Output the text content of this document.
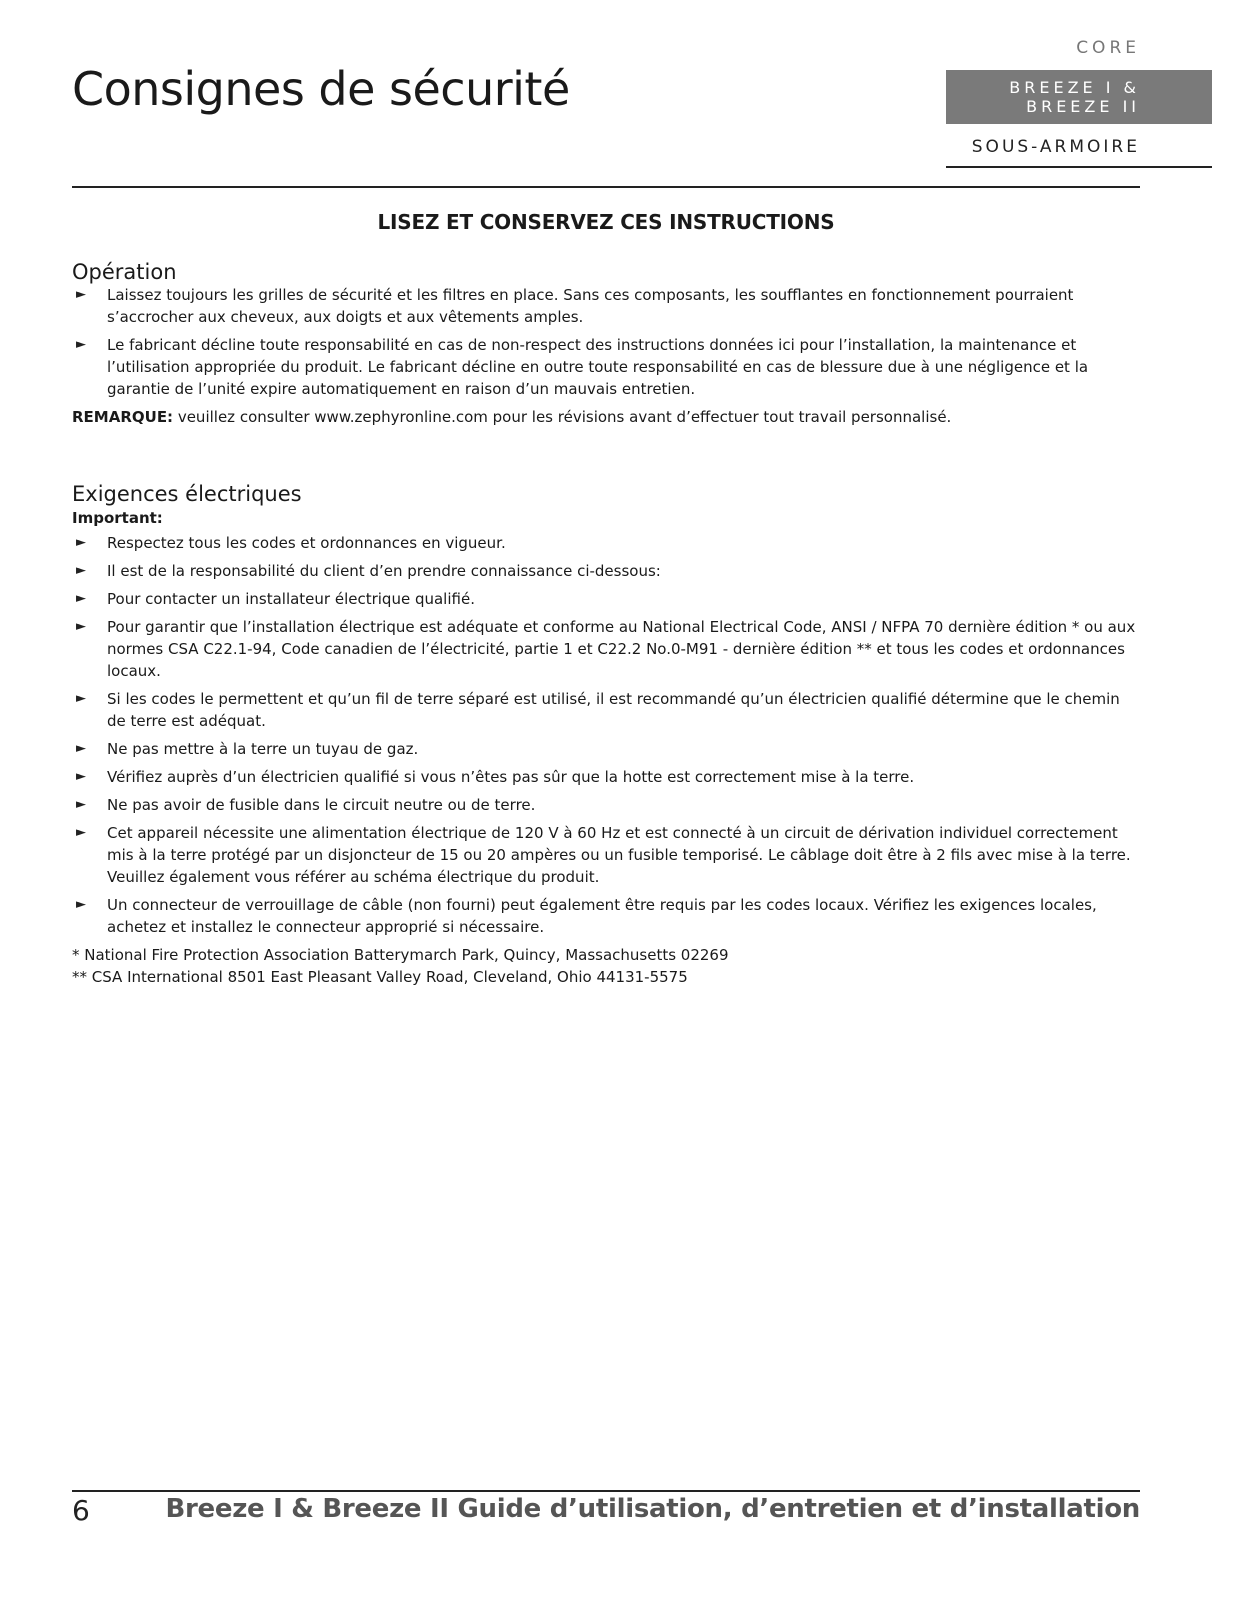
Consignes de sécurité
CORE
BREEZE I & BREEZE II
SOUS-ARMOIRE
LISEZ ET CONSERVEZ CES INSTRUCTIONS
Opération
► Laissez toujours les grilles de sécurité et les filtres en place. Sans ces composants, les soufflantes en fonctionnement pourraient s’accrocher aux cheveux, aux doigts et aux vêtements amples.
► Le fabricant décline toute responsabilité en cas de non-respect des instructions données ici pour l’installation, la maintenance et l’utilisation appropriée du produit. Le fabricant décline en outre toute responsabilité en cas de blessure due à une négligence et la garantie de l’unité expire automatiquement en raison d’un mauvais entretien.

REMARQUE: veuillez consulter www.zephyronline.com pour les révisions avant d’effectuer tout travail personnalisé.

Exigences électriques
Important:
► Respectez tous les codes et ordonnances en vigueur.
► Il est de la responsabilité du client d’en prendre connaissance ci-dessous:
► Pour contacter un installateur électrique qualifié.
► Pour garantir que l’installation électrique est adéquate et conforme au National Electrical Code, ANSI / NFPA 70 dernière édition * ou aux normes CSA C22.1-94, Code canadien de l’électricité, partie 1 et C22.2 No.0-M91 - dernière édition ** et tous les codes et ordonnances locaux.
► Si les codes le permettent et qu’un fil de terre séparé est utilisé, il est recommandé qu’un électricien qualifié détermine que le chemin de terre est adéquat.
► Ne pas mettre à la terre un tuyau de gaz.
► Vérifiez auprès d’un électricien qualifié si vous n’êtes pas sûr que la hotte est correctement mise à la terre.
► Ne pas avoir de fusible dans le circuit neutre ou de terre.
► Cet appareil nécessite une alimentation électrique de 120 V à 60 Hz et est connecté à un circuit de dérivation individuel correctement mis à la terre protégé par un disjoncteur de 15 ou 20 ampères ou un fusible temporisé. Le câblage doit être à 2 fils avec mise à la terre. Veuillez également vous référer au schéma électrique du produit.
► Un connecteur de verrouillage de câble (non fourni) peut également être requis par les codes locaux. Vérifiez les exigences locales, achetez et installez le connecteur approprié si nécessaire.

* National Fire Protection Association Batterymarch Park, Quincy, Massachusetts 02269

** CSA International 8501 East Pleasant Valley Road, Cleveland, Ohio 44131-5575

6	Breeze I & Breeze II Guide d’utilisation, d’entretien et d’installation
